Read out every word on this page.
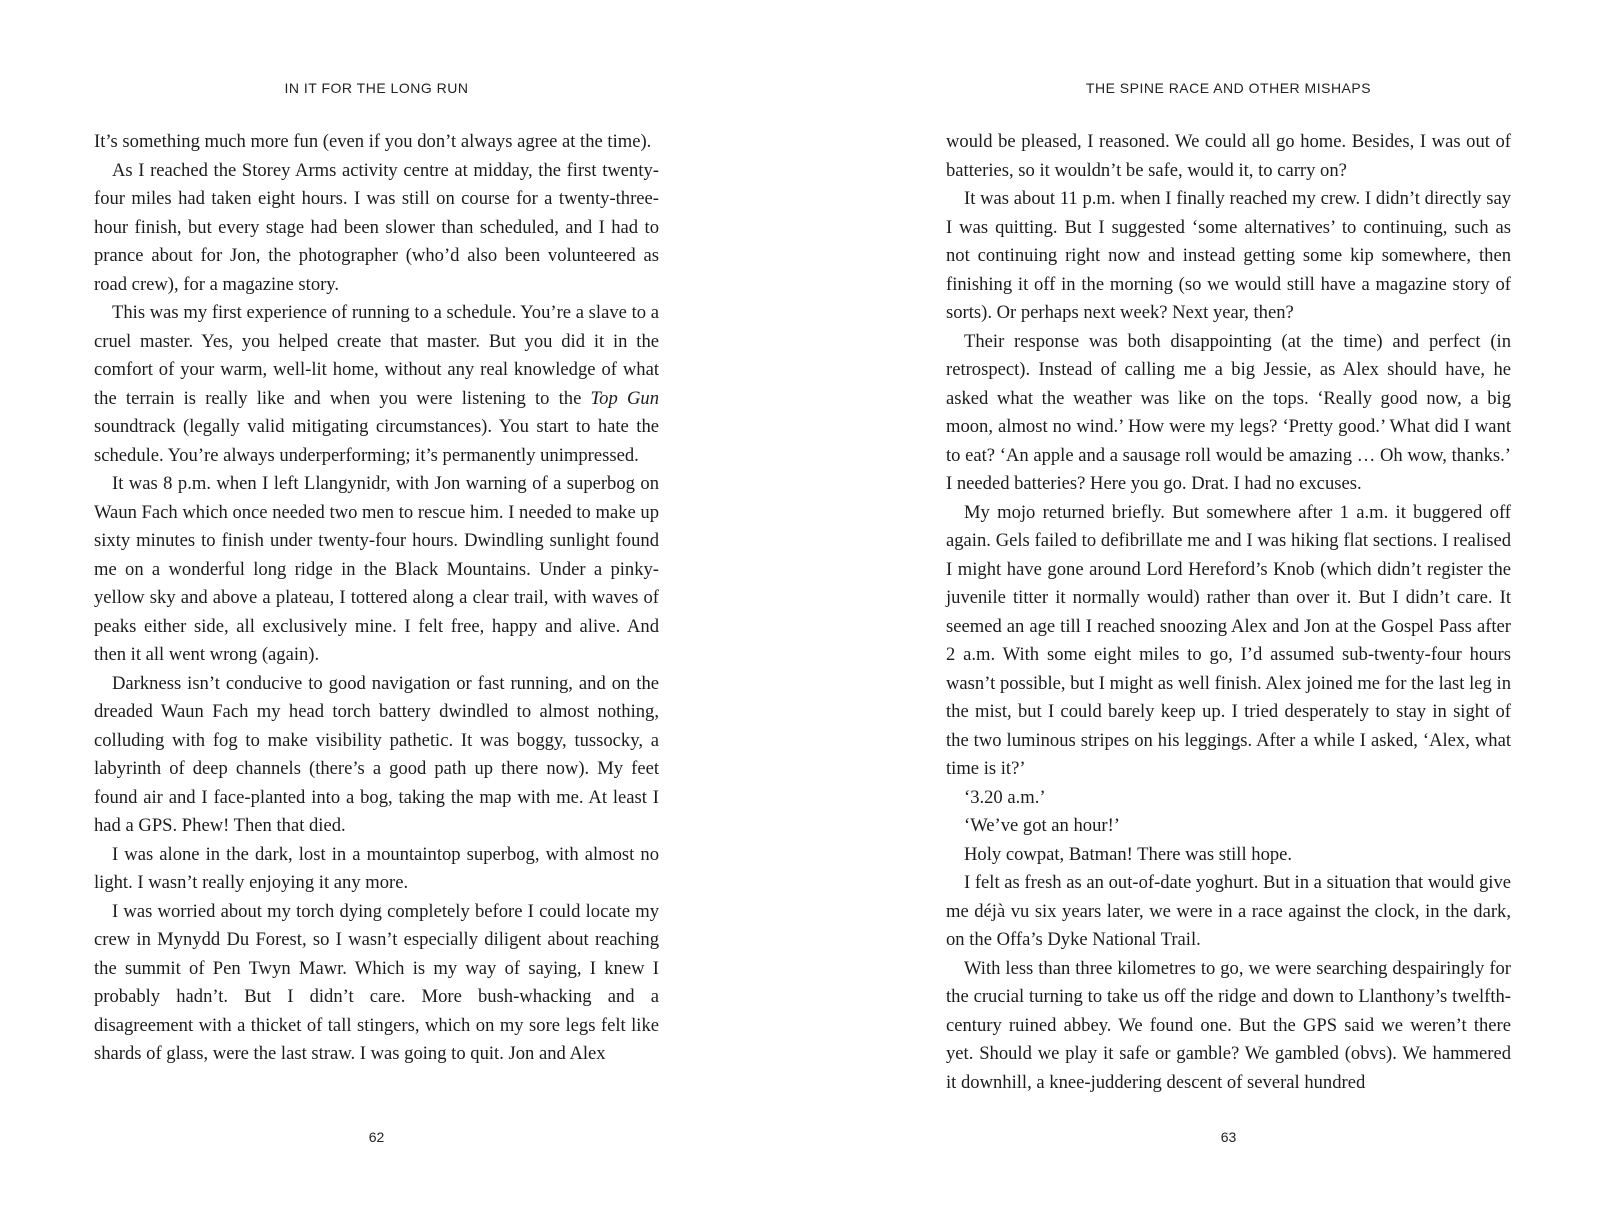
IN IT FOR THE LONG RUN

It’s something much more fun (even if you don’t always agree at the time).

As I reached the Storey Arms activity centre at midday, the first twenty-four miles had taken eight hours. I was still on course for a twenty-three-hour finish, but every stage had been slower than scheduled, and I had to prance about for Jon, the photographer (who’d also been volunteered as road crew), for a magazine story.

This was my first experience of running to a schedule. You’re a slave to a cruel master. Yes, you helped create that master. But you did it in the comfort of your warm, well-lit home, without any real knowledge of what the terrain is really like and when you were listening to the Top Gun soundtrack (legally valid mitigating circumstances). You start to hate the schedule. You’re always underperforming; it’s permanently unimpressed.

It was 8 p.m. when I left Llangynidr, with Jon warning of a superbog on Waun Fach which once needed two men to rescue him. I needed to make up sixty minutes to finish under twenty-four hours. Dwindling sunlight found me on a wonderful long ridge in the Black Mountains. Under a pinky-yellow sky and above a plateau, I tottered along a clear trail, with waves of peaks either side, all exclusively mine. I felt free, happy and alive. And then it all went wrong (again).

Darkness isn’t conducive to good navigation or fast running, and on the dreaded Waun Fach my head torch battery dwindled to almost nothing, colluding with fog to make visibility pathetic. It was boggy, tussocky, a labyrinth of deep channels (there’s a good path up there now). My feet found air and I face-planted into a bog, taking the map with me. At least I had a GPS. Phew! Then that died.

I was alone in the dark, lost in a mountaintop superbog, with almost no light. I wasn’t really enjoying it any more.

I was worried about my torch dying completely before I could locate my crew in Mynydd Du Forest, so I wasn’t especially diligent about reaching the summit of Pen Twyn Mawr. Which is my way of saying, I knew I probably hadn’t. But I didn’t care. More bush-whacking and a disagreement with a thicket of tall stingers, which on my sore legs felt like shards of glass, were the last straw. I was going to quit. Jon and Alex

62
THE SPINE RACE AND OTHER MISHAPS

would be pleased, I reasoned. We could all go home. Besides, I was out of batteries, so it wouldn’t be safe, would it, to carry on?

It was about 11 p.m. when I finally reached my crew. I didn’t directly say I was quitting. But I suggested ‘some alternatives’ to continuing, such as not continuing right now and instead getting some kip somewhere, then finishing it off in the morning (so we would still have a magazine story of sorts). Or perhaps next week? Next year, then?

Their response was both disappointing (at the time) and perfect (in retrospect). Instead of calling me a big Jessie, as Alex should have, he asked what the weather was like on the tops. ‘Really good now, a big moon, almost no wind.’ How were my legs? ‘Pretty good.’ What did I want to eat? ‘An apple and a sausage roll would be amazing … Oh wow, thanks.’ I needed batteries? Here you go. Drat. I had no excuses.

My mojo returned briefly. But somewhere after 1 a.m. it buggered off again. Gels failed to defibrillate me and I was hiking flat sections. I realised I might have gone around Lord Hereford’s Knob (which didn’t register the juvenile titter it normally would) rather than over it. But I didn’t care. It seemed an age till I reached snoozing Alex and Jon at the Gospel Pass after 2 a.m. With some eight miles to go, I’d assumed sub-twenty-four hours wasn’t possible, but I might as well finish. Alex joined me for the last leg in the mist, but I could barely keep up. I tried desperately to stay in sight of the two luminous stripes on his leggings. After a while I asked, ‘Alex, what time is it?’

‘3.20 a.m.’

‘We’ve got an hour!’

Holy cowpat, Batman! There was still hope.

I felt as fresh as an out-of-date yoghurt. But in a situation that would give me déjà vu six years later, we were in a race against the clock, in the dark, on the Offa’s Dyke National Trail.

With less than three kilometres to go, we were searching despairingly for the crucial turning to take us off the ridge and down to Llanthony’s twelfth-century ruined abbey. We found one. But the GPS said we weren’t there yet. Should we play it safe or gamble? We gambled (obvs). We hammered it downhill, a knee-juddering descent of several hundred

63
